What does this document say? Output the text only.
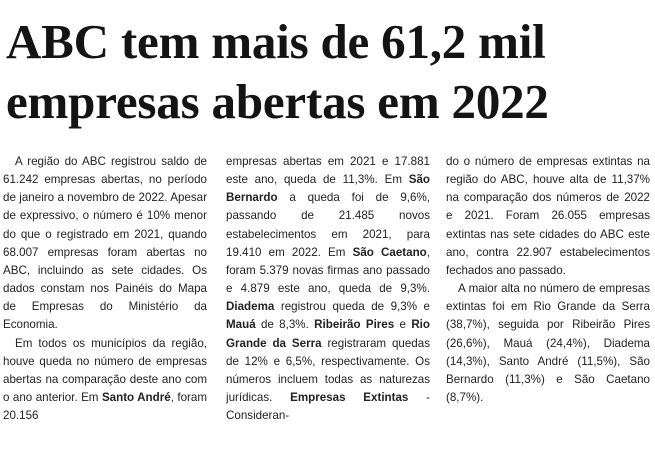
ABC tem mais de 61,2 mil
empresas abertas em 2022

A região do ABC registrou saldo de 61.242 empresas abertas, no período de janeiro a novembro de 2022. Apesar de expressivo, o número é 10% menor do que o registrado em 2021, quando 68.007 empresas foram abertas no ABC, incluindo as sete cidades. Os dados constam nos Painéis do Mapa de Empresas do Ministério da Economia.

Em todos os municípios da região, houve queda no número de empresas abertas na comparação deste ano com o ano anterior. Em Santo André, foram 20.156

empresas abertas em 2021 e 17.881 este ano, queda de 11,3%. Em São Bernardo a queda foi de 9,6%, passando de 21.485 novos estabelecimentos em 2021, para 19.410 em 2022. Em São Caetano, foram 5.379 novas firmas ano passado e 4.879 este ano, queda de 9,3%. Diadema registrou queda de 9,3% e Mauá de 8,3%. Ribeirão Pires e Rio Grande da Serra registraram quedas de 12% e 6,5%, respectivamente. Os números incluem todas as naturezas jurídicas. Empresas Extintas - Consideran-

do o número de empresas extintas na região do ABC, houve alta de 11,37% na comparação dos números de 2022 e 2021. Foram 26.055 empresas extintas nas sete cidades do ABC este ano, contra 22.907 estabelecimentos fechados ano passado.

A maior alta no número de empresas extintas foi em Rio Grande da Serra (38,7%), seguida por Ribeirão Pires (26,6%), Mauá (24,4%), Diadema (14,3%), Santo André (11,5%), São Bernardo (11,3%) e São Caetano (8,7%).
